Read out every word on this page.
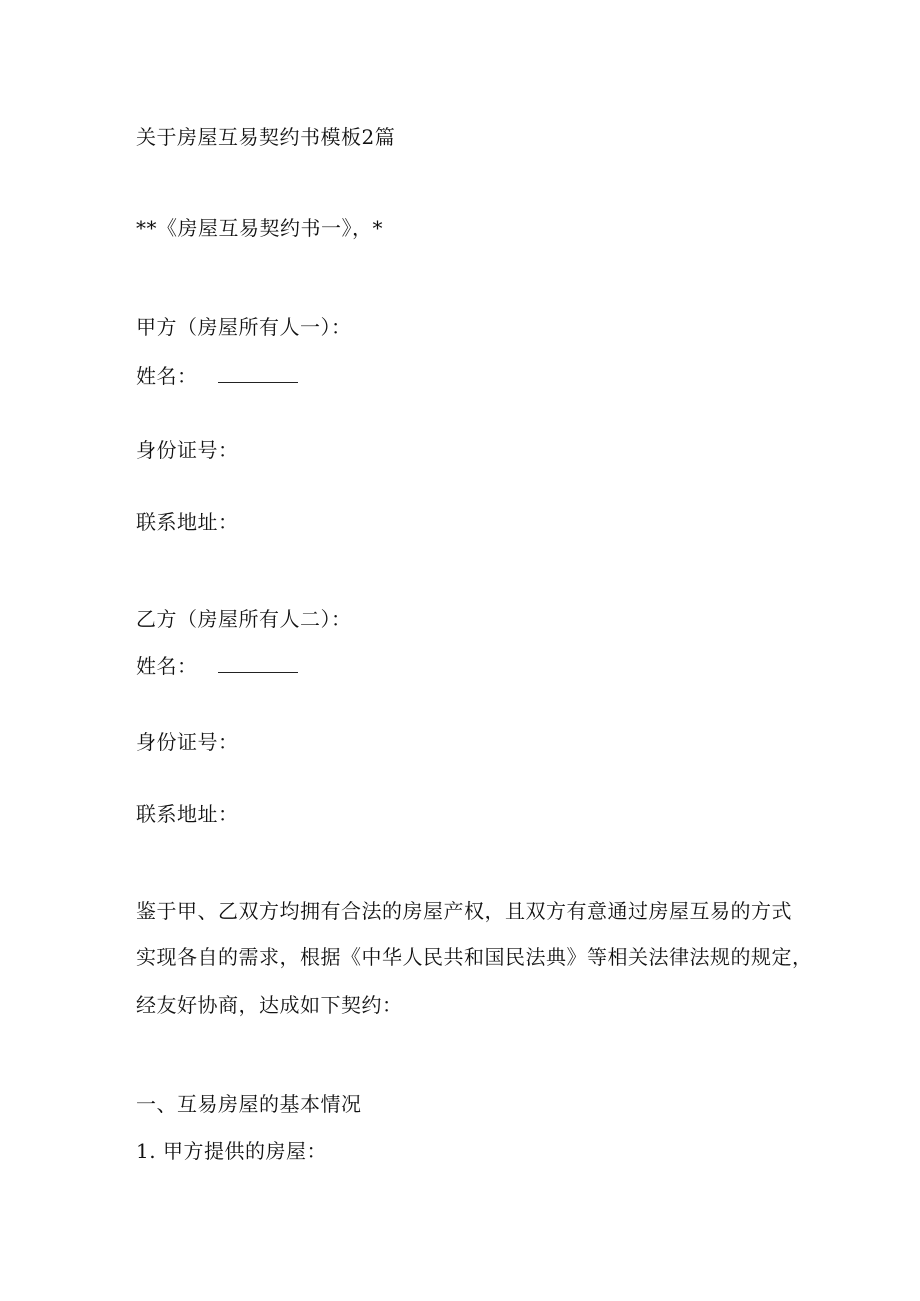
关于房屋互易契约书模板2篇
**《房屋互易契约书一》，*
甲方（房屋所有人一）：
姓名：
身份证号：
联系地址：
乙方（房屋所有人二）：
姓名：
身份证号：
联系地址：
鉴于甲、乙双方均拥有合法的房屋产权，且双方有意通过房屋互易的方式
实现各自的需求，根据《中华人民共和国民法典》等相关法律法规的规定，
经友好协商，达成如下契约：
一、互易房屋的基本情况
1. 甲方提供的房屋：
